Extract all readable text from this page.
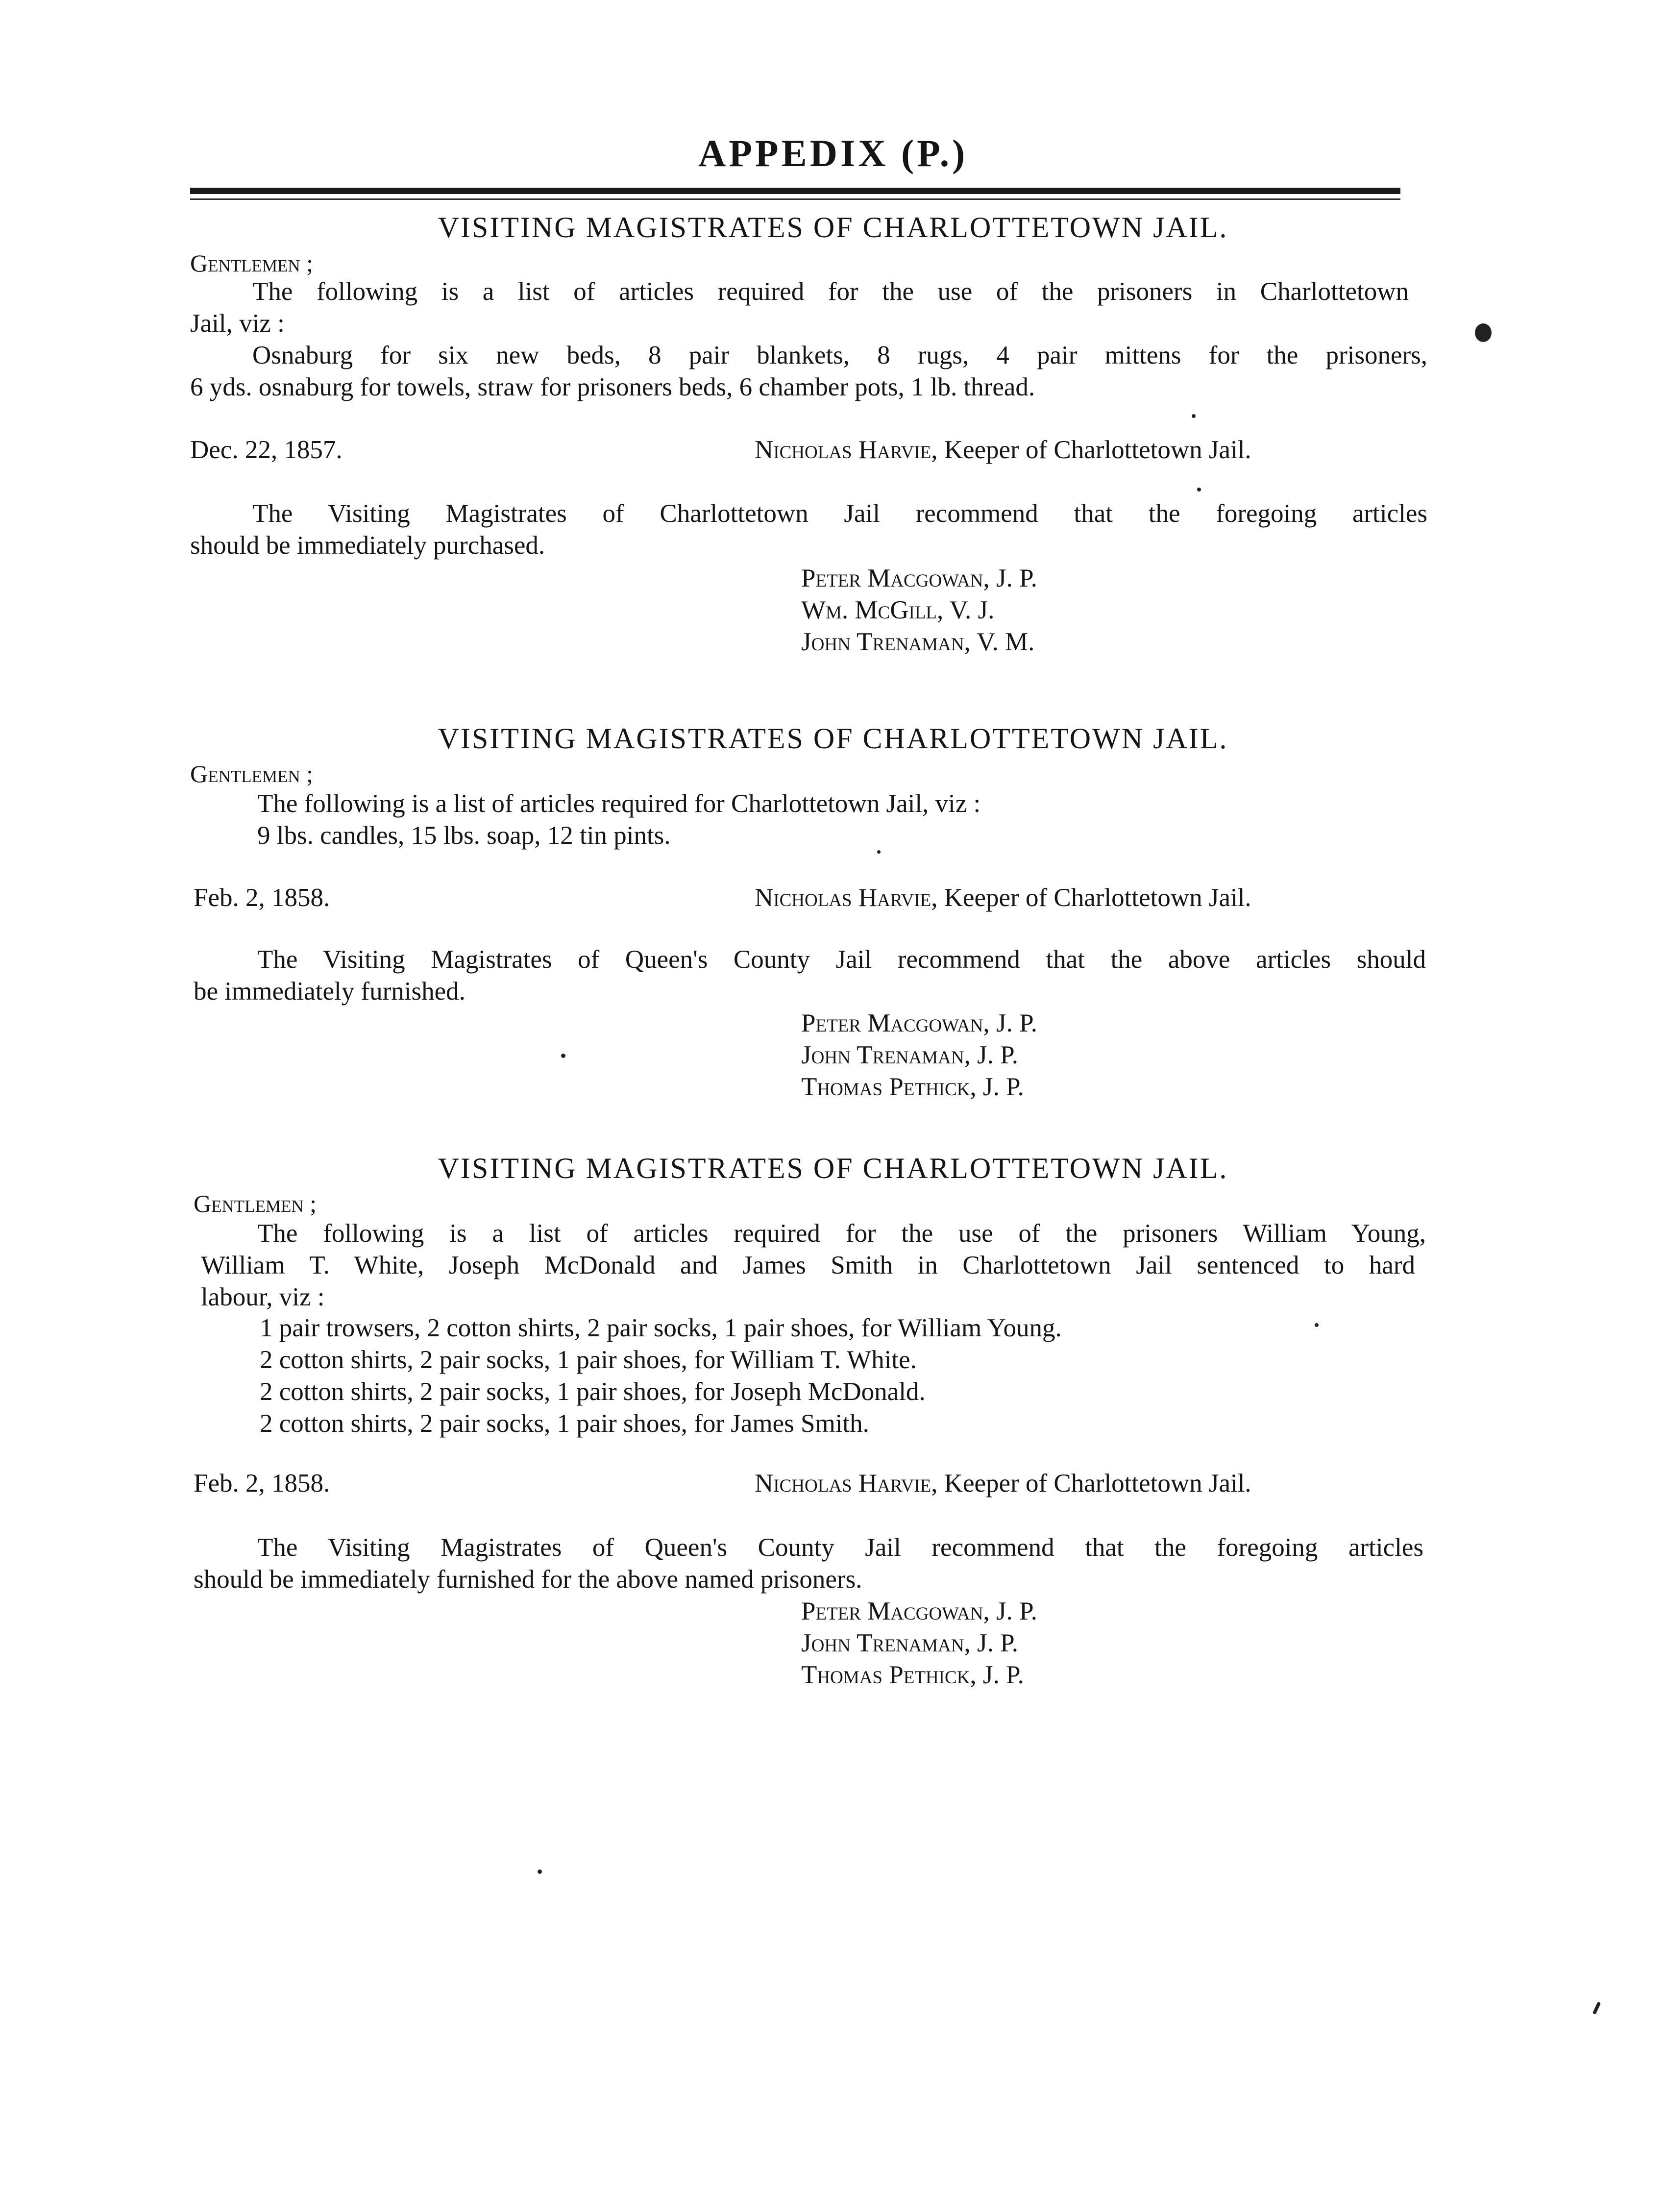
APPEDIX (P.)
VISITING MAGISTRATES OF CHARLOTTETOWN JAIL.
Gentlemen ;
The following is a list of articles required for the use of the prisoners in Charlottetown
Jail, viz :
Osnaburg for six new beds, 8 pair blankets, 8 rugs, 4 pair mittens for the prisoners,
6 yds. osnaburg for towels, straw for prisoners beds, 6 chamber pots, 1 lb. thread.
Dec. 22, 1857.	Nicholas Harvie, Keeper of Charlottetown Jail.
The Visiting Magistrates of Charlottetown Jail recommend that the foregoing articles
should be immediately purchased.
Peter Macgowan, J. P.
Wm. McGill, V. J.
John Trenaman, V. M.
VISITING MAGISTRATES OF CHARLOTTETOWN JAIL.
Gentlemen ;
The following is a list of articles required for Charlottetown Jail, viz :
9 lbs. candles, 15 lbs. soap, 12 tin pints.
Feb. 2, 1858.	Nicholas Harvie, Keeper of Charlottetown Jail.
The Visiting Magistrates of Queen's County Jail recommend that the above articles should
be immediately furnished.
Peter Macgowan, J. P.
John Trenaman, J. P.
Thomas Pethick, J. P.
VISITING MAGISTRATES OF CHARLOTTETOWN JAIL.
Gentlemen ;
The following is a list of articles required for the use of the prisoners William Young,
William T. White, Joseph McDonald and James Smith in Charlottetown Jail sentenced to hard
labour, viz :
1 pair trowsers, 2 cotton shirts, 2 pair socks, 1 pair shoes, for William Young.
2 cotton shirts, 2 pair socks, 1 pair shoes, for William T. White.
2 cotton shirts, 2 pair socks, 1 pair shoes, for Joseph McDonald.
2 cotton shirts, 2 pair socks, 1 pair shoes, for James Smith.
Feb. 2, 1858.	Nicholas Harvie, Keeper of Charlottetown Jail.
The Visiting Magistrates of Queen's County Jail recommend that the foregoing articles
should be immediately furnished for the above named prisoners.
Peter Macgowan, J. P.
John Trenaman, J. P.
Thomas Pethick, J. P.
